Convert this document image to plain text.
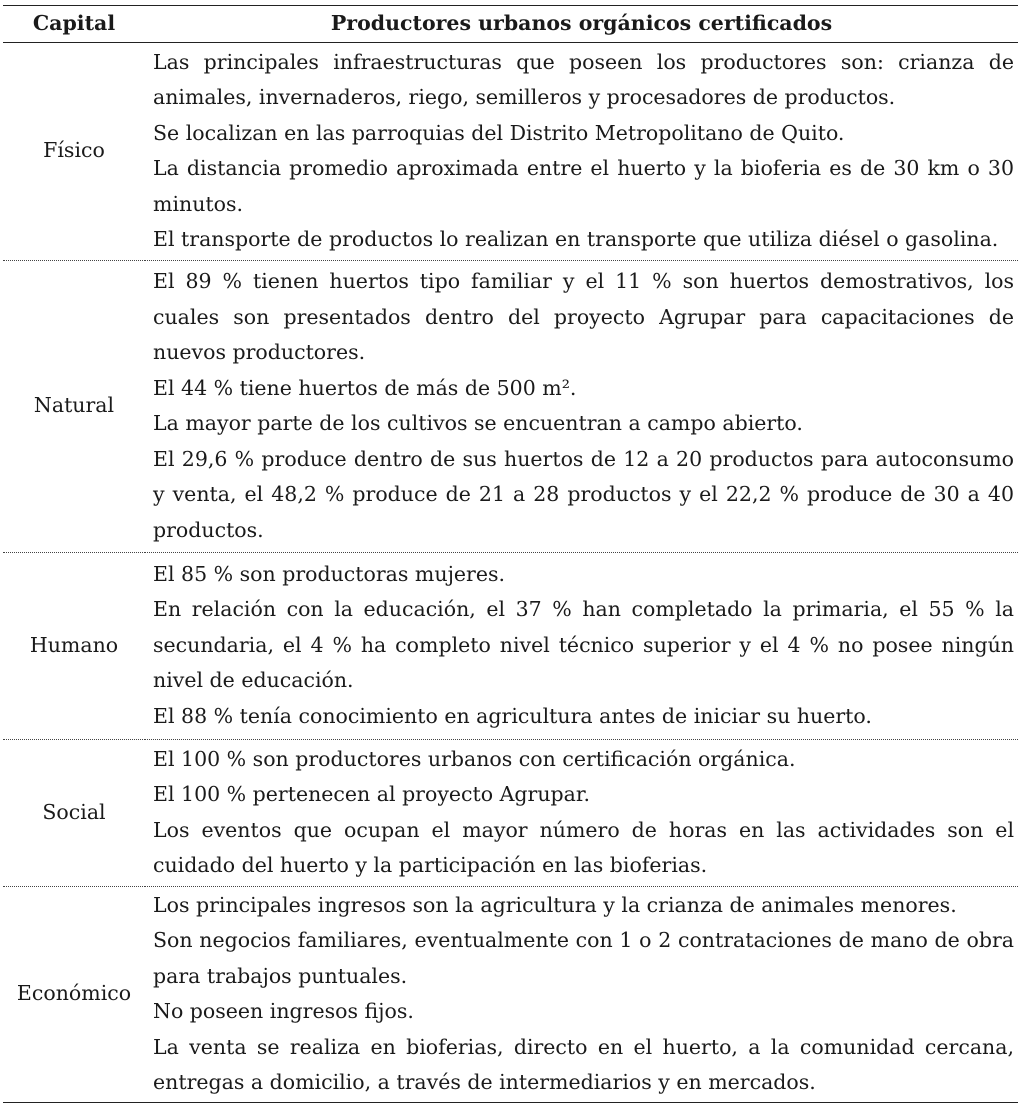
Capital	Productores urbanos orgánicos certificados
Físico	Las principales infraestructuras que poseen los productores son: crianza de animales, invernaderos, riego, semilleros y procesadores de productos.
Se localizan en las parroquias del Distrito Metropolitano de Quito.
La distancia promedio aproximada entre el huerto y la bioferia es de 30 km o 30 minutos.
El transporte de productos lo realizan en transporte que utiliza diésel o gasolina.

Natural	El 89 % tienen huertos tipo familiar y el 11 % son huertos demostrativos, los cuales son presentados dentro del proyecto Agrupar para capacitaciones de nuevos productores.
El 44 % tiene huertos de más de 500 m².
La mayor parte de los cultivos se encuentran a campo abierto.
El 29,6 % produce dentro de sus huertos de 12 a 20 productos para autoconsumo y venta, el 48,2 % produce de 21 a 28 productos y el 22,2 % produce de 30 a 40 productos.

Humano	El 85 % son productoras mujeres.
En relación con la educación, el 37 % han completado la primaria, el 55 % la secundaria, el 4 % ha completo nivel técnico superior y el 4 % no posee ningún nivel de educación.
El 88 % tenía conocimiento en agricultura antes de iniciar su huerto.

Social	El 100 % son productores urbanos con certificación orgánica.
El 100 % pertenecen al proyecto Agrupar.
Los eventos que ocupan el mayor número de horas en las actividades son el cuidado del huerto y la participación en las bioferias.

Económico	Los principales ingresos son la agricultura y la crianza de animales menores.
Son negocios familiares, eventualmente con 1 o 2 contrataciones de mano de obra para trabajos puntuales.
No poseen ingresos fijos.
La venta se realiza en bioferias, directo en el huerto, a la comunidad cercana, entregas a domicilio, a través de intermediarios y en mercados.
